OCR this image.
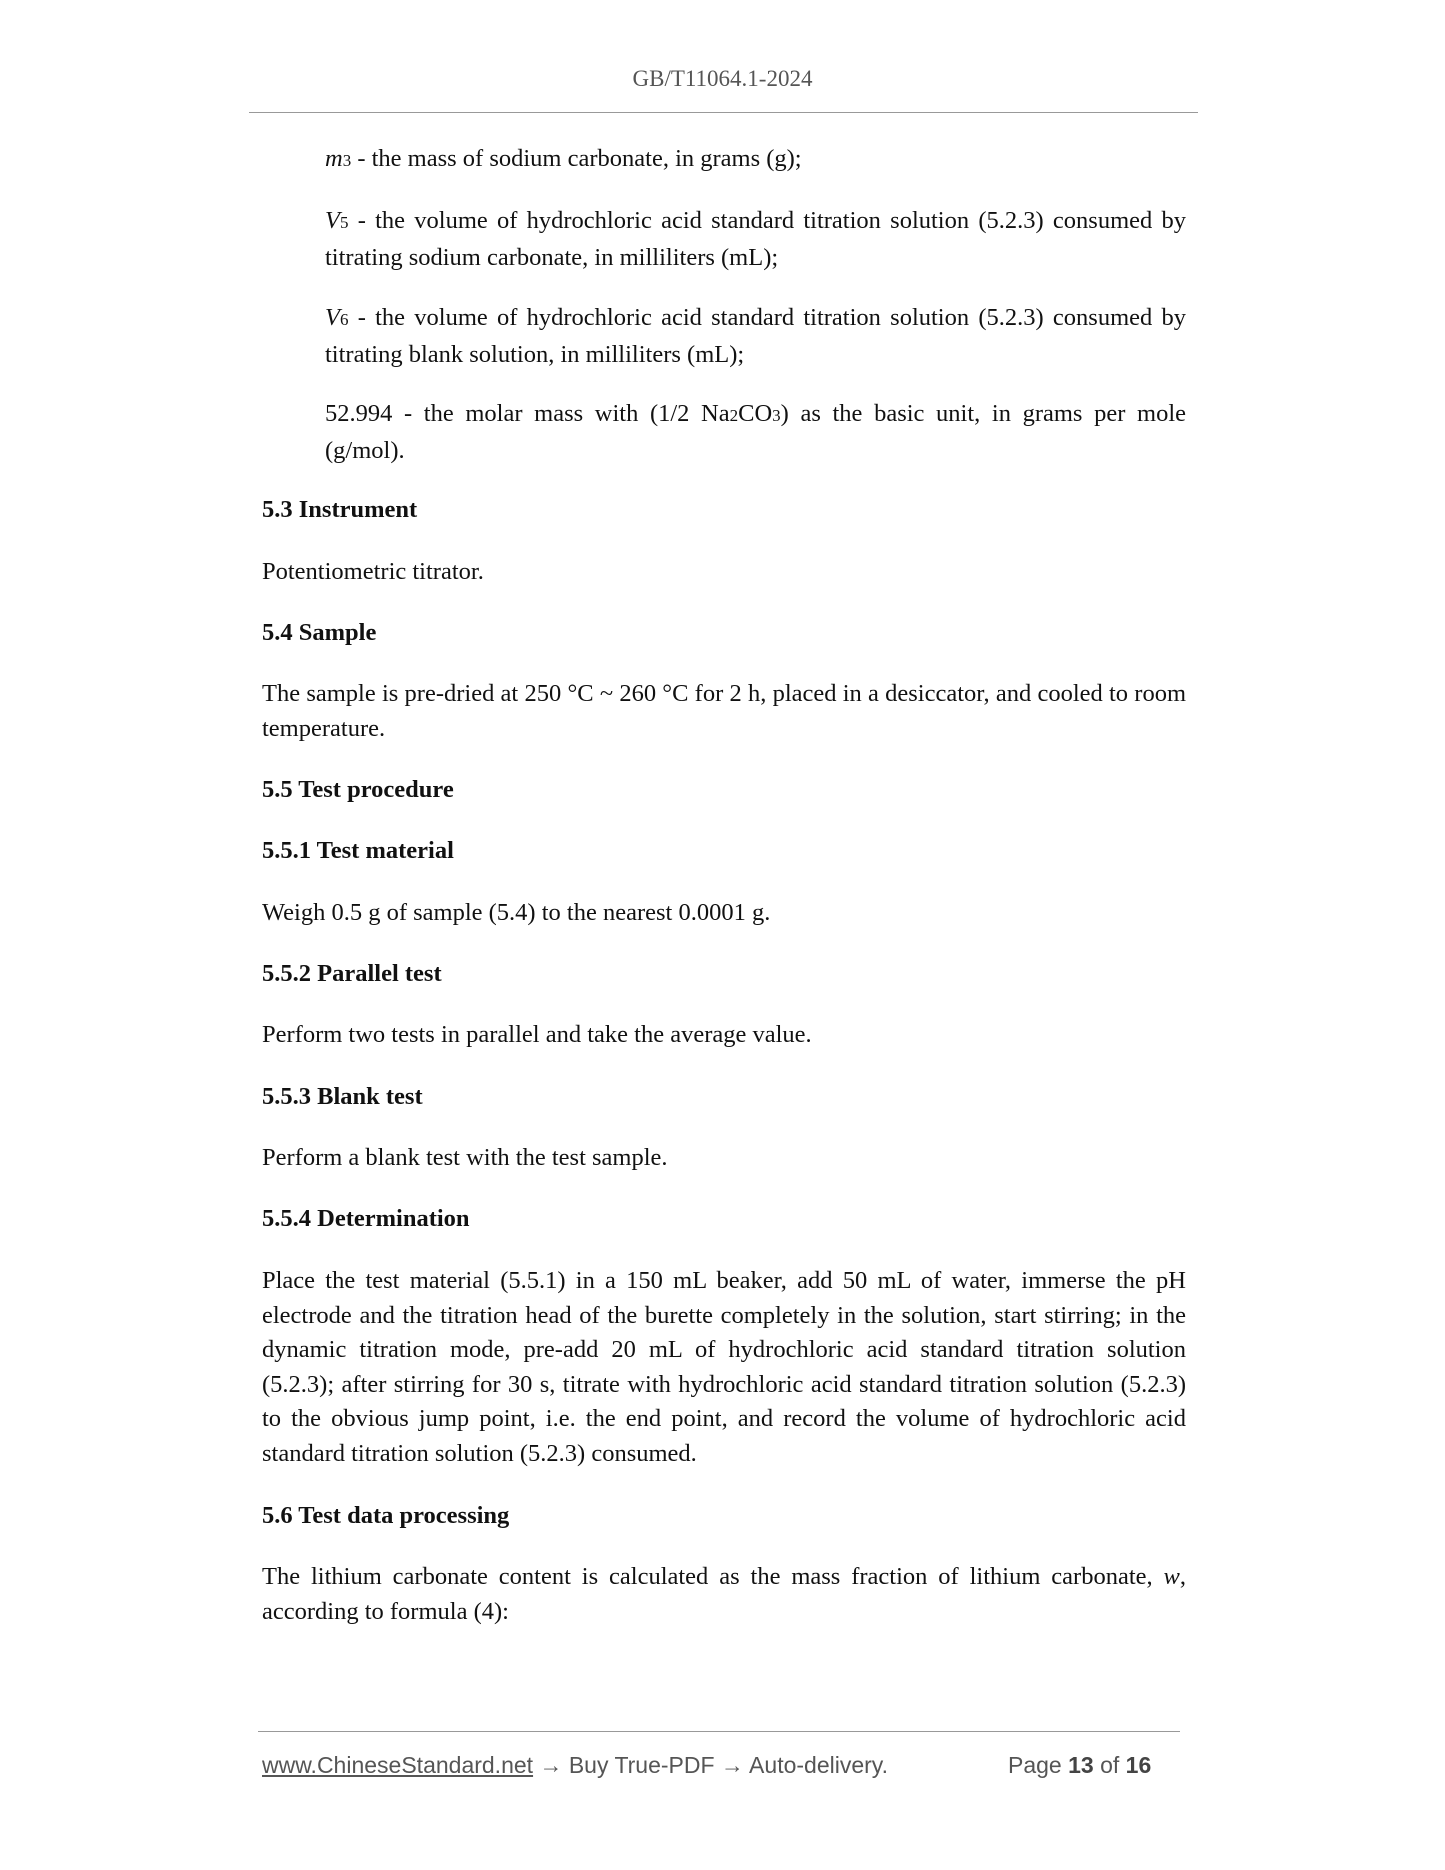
GB/T11064.1-2024
m3 - the mass of sodium carbonate, in grams (g);
V5 - the volume of hydrochloric acid standard titration solution (5.2.3) consumed by titrating sodium carbonate, in milliliters (mL);
V6 - the volume of hydrochloric acid standard titration solution (5.2.3) consumed by titrating blank solution, in milliliters (mL);
52.994 - the molar mass with (1/2 Na2CO3) as the basic unit, in grams per mole (g/mol).
5.3 Instrument
Potentiometric titrator.
5.4 Sample
The sample is pre-dried at 250 °C ~ 260 °C for 2 h, placed in a desiccator, and cooled to room temperature.
5.5 Test procedure
5.5.1 Test material
Weigh 0.5 g of sample (5.4) to the nearest 0.0001 g.
5.5.2 Parallel test
Perform two tests in parallel and take the average value.
5.5.3 Blank test
Perform a blank test with the test sample.
5.5.4 Determination
Place the test material (5.5.1) in a 150 mL beaker, add 50 mL of water, immerse the pH electrode and the titration head of the burette completely in the solution, start stirring; in the dynamic titration mode, pre-add 20 mL of hydrochloric acid standard titration solution (5.2.3); after stirring for 30 s, titrate with hydrochloric acid standard titration solution (5.2.3) to the obvious jump point, i.e. the end point, and record the volume of hydrochloric acid standard titration solution (5.2.3) consumed.
5.6 Test data processing
The lithium carbonate content is calculated as the mass fraction of lithium carbonate, w, according to formula (4):
www.ChineseStandard.net → Buy True-PDF → Auto-delivery.	Page 13 of 16
